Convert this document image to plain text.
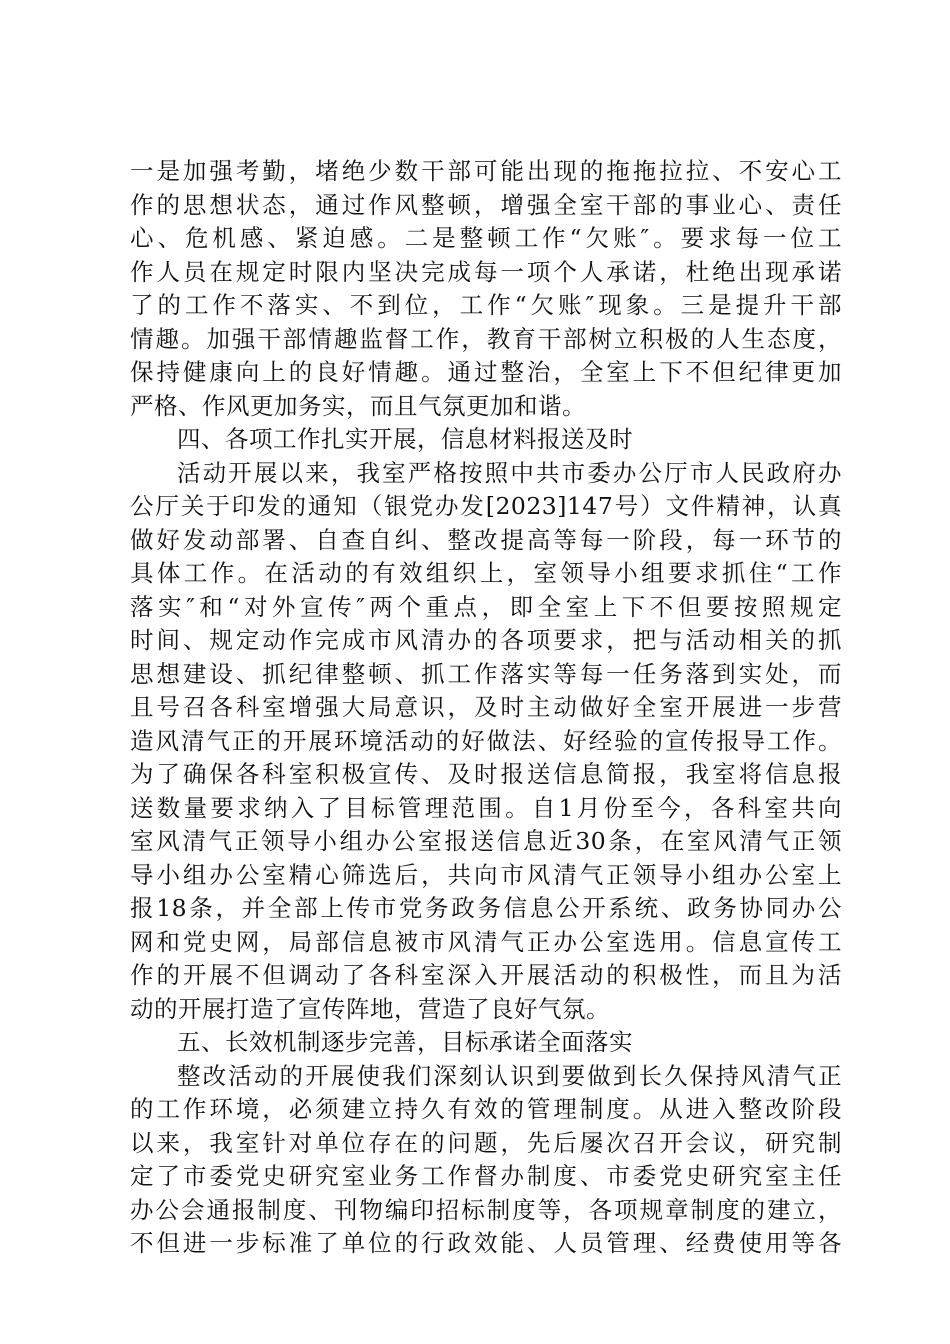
一是加强考勤，堵绝少数干部可能出现的拖拖拉拉、不安心工
作的思想状态，通过作风整顿，增强全室干部的事业心、责任
心、危机感、紧迫感。二是整顿工作“欠账″。要求每一位工
作人员在规定时限内坚决完成每一项个人承诺，杜绝出现承诺
了的工作不落实、不到位，工作“欠账″现象。三是提升干部
情趣。加强干部情趣监督工作，教育干部树立积极的人生态度，
保持健康向上的良好情趣。通过整治，全室上下不但纪律更加
严格、作风更加务实，而且气氛更加和谐。
四、各项工作扎实开展，信息材料报送及时
活动开展以来，我室严格按照中共市委办公厅市人民政府办
公厅关于印发的通知（银党办发[2023]147号）文件精神，认真
做好发动部署、自查自纠、整改提高等每一阶段，每一环节的
具体工作。在活动的有效组织上，室领导小组要求抓住“工作
落实″和“对外宣传″两个重点，即全室上下不但要按照规定
时间、规定动作完成市风清办的各项要求，把与活动相关的抓
思想建设、抓纪律整顿、抓工作落实等每一任务落到实处，而
且号召各科室增强大局意识，及时主动做好全室开展进一步营
造风清气正的开展环境活动的好做法、好经验的宣传报导工作。
为了确保各科室积极宣传、及时报送信息简报，我室将信息报
送数量要求纳入了目标管理范围。自1月份至今，各科室共向
室风清气正领导小组办公室报送信息近30条，在室风清气正领
导小组办公室精心筛选后，共向市风清气正领导小组办公室上
报18条，并全部上传市党务政务信息公开系统、政务协同办公
网和党史网，局部信息被市风清气正办公室选用。信息宣传工
作的开展不但调动了各科室深入开展活动的积极性，而且为活
动的开展打造了宣传阵地，营造了良好气氛。
五、长效机制逐步完善，目标承诺全面落实
整改活动的开展使我们深刻认识到要做到长久保持风清气正
的工作环境，必须建立持久有效的管理制度。从进入整改阶段
以来，我室针对单位存在的问题，先后屡次召开会议，研究制
定了市委党史研究室业务工作督办制度、市委党史研究室主任
办公会通报制度、刊物编印招标制度等，各项规章制度的建立，
不但进一步标准了单位的行政效能、人员管理、经费使用等各
